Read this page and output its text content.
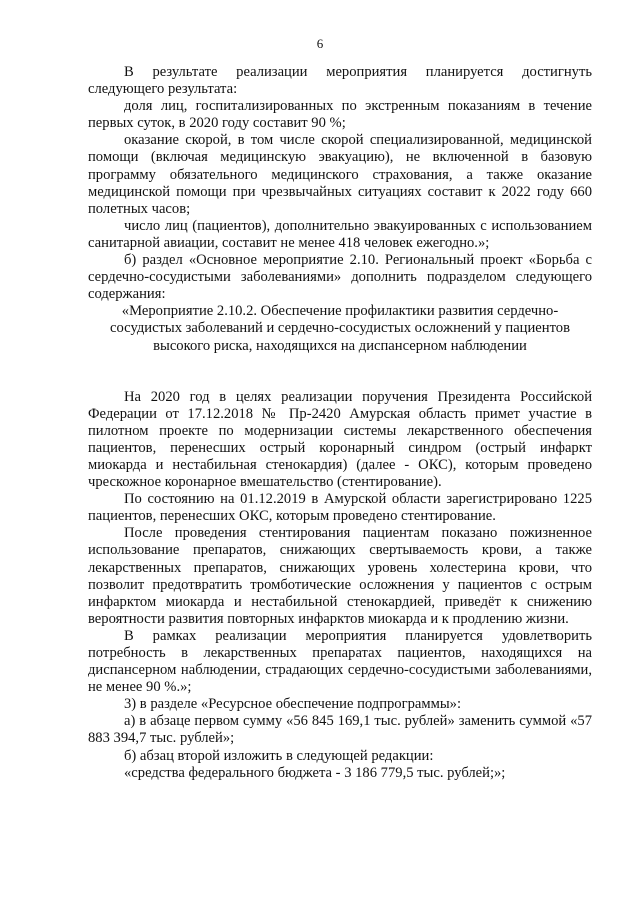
6

В результате реализации мероприятия планируется достигнуть следующего результата:

доля лиц, госпитализированных по экстренным показаниям в течение первых суток, в 2020 году составит 90 %;

оказание скорой, в том числе скорой специализированной, медицинской помощи (включая медицинскую эвакуацию), не включенной в базовую программу обязательного медицинского страхования, а также оказание медицинской помощи при чрезвычайных ситуациях составит к 2022 году 660 полетных часов;

число лиц (пациентов), дополнительно эвакуированных с использованием санитарной авиации, составит не менее 418 человек ежегодно.»;

б) раздел «Основное мероприятие 2.10. Региональный проект «Борьба с сердечно-сосудистыми заболеваниями» дополнить подразделом следующего содержания:

«Мероприятие 2.10.2. Обеспечение профилактики развития сердечно-сосудистых заболеваний и сердечно-сосудистых осложнений у пациентов высокого риска, находящихся на диспансерном наблюдении

На 2020 год в целях реализации поручения Президента Российской Федерации от 17.12.2018 № Пр-2420 Амурская область примет участие в пилотном проекте по модернизации системы лекарственного обеспечения пациентов, перенесших острый коронарный синдром (острый инфаркт миокарда и нестабильная стенокардия) (далее - ОКС), которым проведено чрескожное коронарное вмешательство (стентирование).

По состоянию на 01.12.2019 в Амурской области зарегистрировано 1225 пациентов, перенесших ОКС, которым проведено стентирование.

После проведения стентирования пациентам показано пожизненное использование препаратов, снижающих свертываемость крови, а также лекарственных препаратов, снижающих уровень холестерина крови, что позволит предотвратить тромботические осложнения у пациентов с острым инфарктом миокарда и нестабильной стенокардией, приведёт к снижению вероятности развития повторных инфарктов миокарда и к продлению жизни.

В рамках реализации мероприятия планируется удовлетворить потребность в лекарственных препаратах пациентов, находящихся на диспансерном наблюдении, страдающих сердечно-сосудистыми заболеваниями, не менее 90 %.»;

3) в разделе «Ресурсное обеспечение подпрограммы»:

а) в абзаце первом сумму «56 845 169,1 тыс. рублей» заменить суммой «57 883 394,7 тыс. рублей»;

б) абзац второй изложить в следующей редакции:

«средства федерального бюджета - 3 186 779,5 тыс. рублей;»;
